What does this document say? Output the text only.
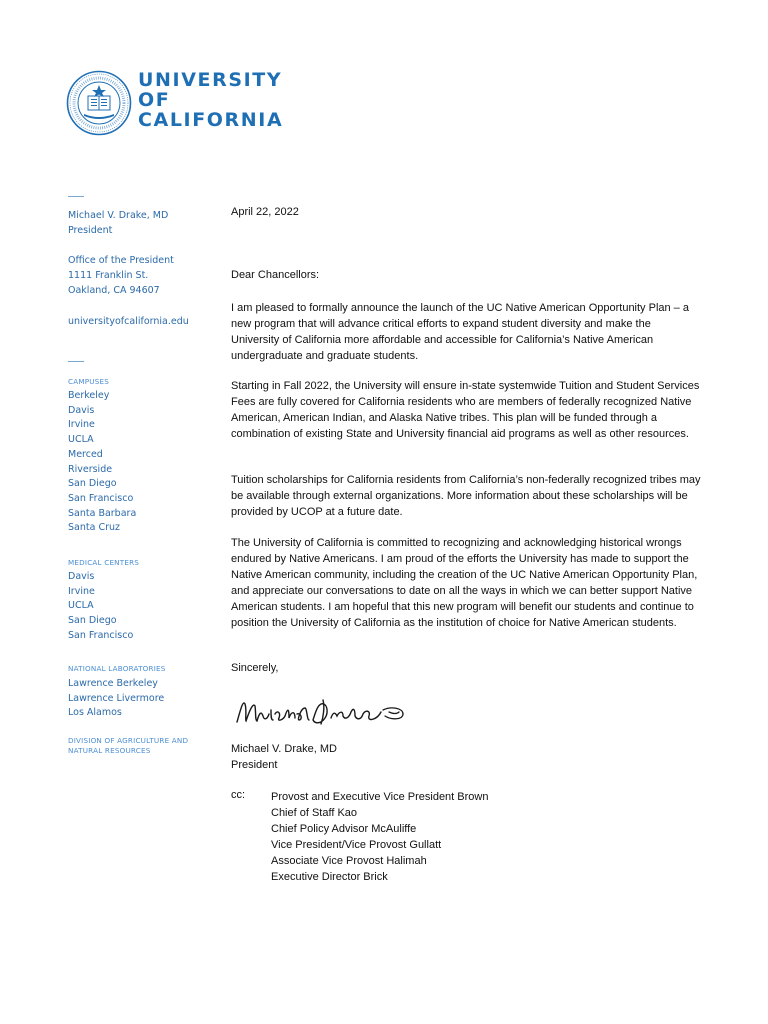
UNIVERSITY
OF
CALIFORNIA
Michael V. Drake, MD
President
Office of the President
1111 Franklin St.
Oakland, CA 94607
universityofcalifornia.edu
CAMPUSES
Berkeley
Davis
Irvine
UCLA
Merced
Riverside
San Diego
San Francisco
Santa Barbara
Santa Cruz
MEDICAL CENTERS
Davis
Irvine
UCLA
San Diego
San Francisco
NATIONAL LABORATORIES
Lawrence Berkeley
Lawrence Livermore
Los Alamos
DIVISION OF AGRICULTURE AND
NATURAL RESOURCES
April 22, 2022
Dear Chancellors:

I am pleased to formally announce the launch of the UC Native American Opportunity Plan – a new program that will advance critical efforts to expand student diversity and make the University of California more affordable and accessible for California’s Native American undergraduate and graduate students.

Starting in Fall 2022, the University will ensure in-state systemwide Tuition and Student Services Fees are fully covered for California residents who are members of federally recognized Native American, American Indian, and Alaska Native tribes. This plan will be funded through a combination of existing State and University financial aid programs as well as other resources.

Tuition scholarships for California residents from California’s non-federally recognized tribes may be available through external organizations. More information about these scholarships will be provided by UCOP at a future date.

The University of California is committed to recognizing and acknowledging historical wrongs endured by Native Americans. I am proud of the efforts the University has made to support the Native American community, including the creation of the UC Native American Opportunity Plan, and appreciate our conversations to date on all the ways in which we can better support Native American students. I am hopeful that this new program will benefit our students and continue to position the University of California as the institution of choice for Native American students.

Sincerely,
Michael V. Drake, MD
President
cc: Provost and Executive Vice President Brown
Chief of Staff Kao
Chief Policy Advisor McAuliffe
Vice President/Vice Provost Gullatt
Associate Vice Provost Halimah
Executive Director Brick
